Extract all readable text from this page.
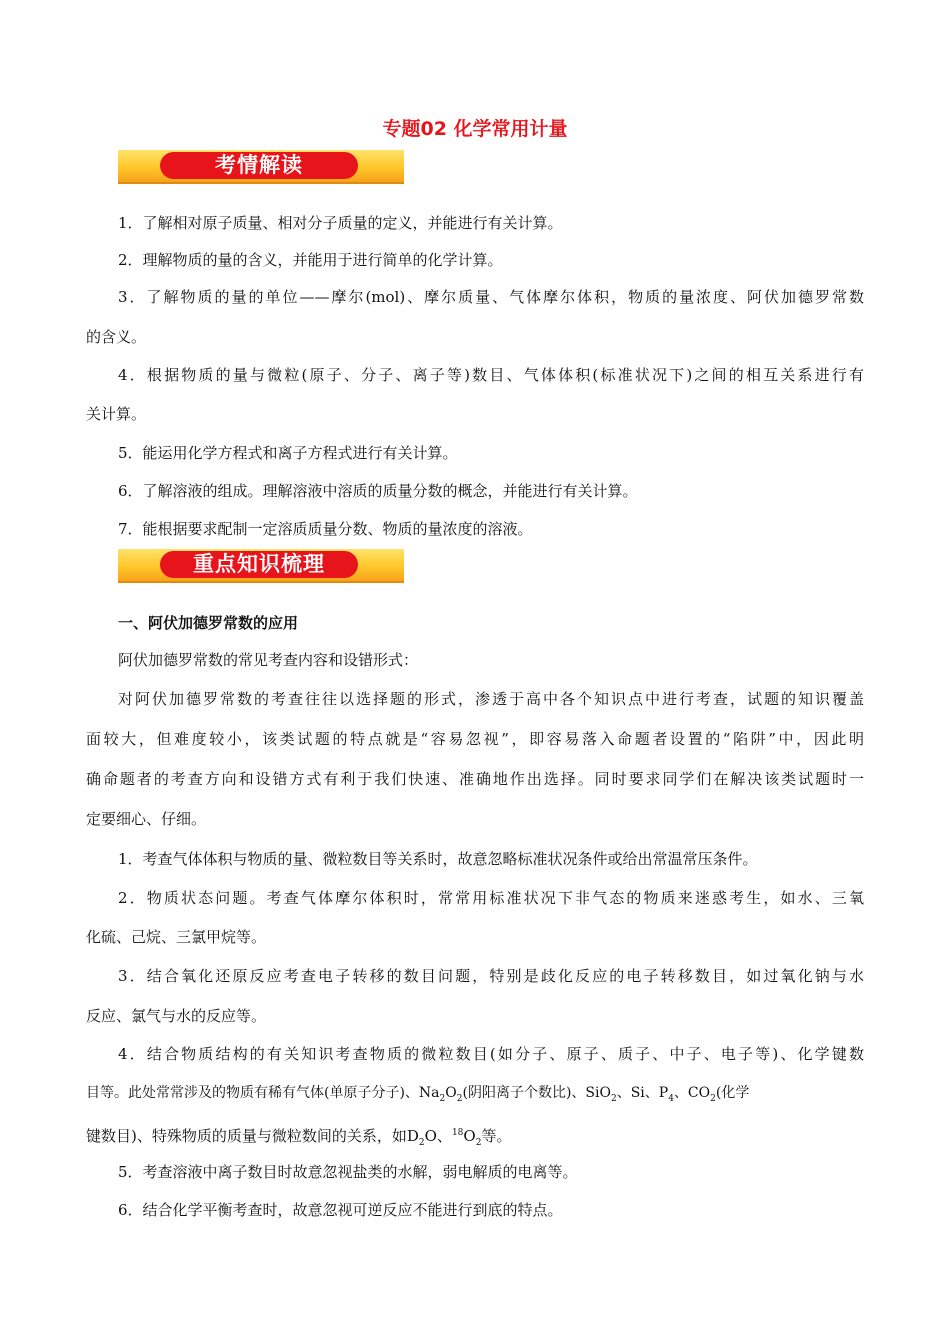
专题02 化学常用计量
考情解读
1．了解相对原子质量、相对分子质量的定义，并能进行有关计算。
2．理解物质的量的含义，并能用于进行简单的化学计算。
3．了解物质的量的单位——摩尔(mol)、摩尔质量、气体摩尔体积，物质的量浓度、阿伏加德罗常数
的含义。
4．根据物质的量与微粒(原子、分子、离子等)数目、气体体积(标准状况下)之间的相互关系进行有
关计算。
5．能运用化学方程式和离子方程式进行有关计算。
6．了解溶液的组成。理解溶液中溶质的质量分数的概念，并能进行有关计算。
7．能根据要求配制一定溶质质量分数、物质的量浓度的溶液。
重点知识梳理
一、阿伏加德罗常数的应用
阿伏加德罗常数的常见考查内容和设错形式：
对阿伏加德罗常数的考查往往以选择题的形式，渗透于高中各个知识点中进行考查，试题的知识覆盖
面较大，但难度较小，该类试题的特点就是“容易忽视”，即容易落入命题者设置的“陷阱”中，因此明
确命题者的考查方向和设错方式有利于我们快速、准确地作出选择。同时要求同学们在解决该类试题时一
定要细心、仔细。
1．考查气体体积与物质的量、微粒数目等关系时，故意忽略标准状况条件或给出常温常压条件。
2．物质状态问题。考查气体摩尔体积时，常常用标准状况下非气态的物质来迷惑考生，如水、三氧
化硫、己烷、三氯甲烷等。
3．结合氧化还原反应考查电子转移的数目问题，特别是歧化反应的电子转移数目，如过氧化钠与水
反应、氯气与水的反应等。
4．结合物质结构的有关知识考查物质的微粒数目(如分子、原子、质子、中子、电子等)、化学键数
目等。此处常常涉及的物质有稀有气体(单原子分子)、$Na_2O_2$(阴阳离子个数比)、SiO$_2$、Si、$P_4$、$CO_2$(化学
键数目)、特殊物质的质量与微粒数间的关系，如$D_2O$、$^{18}O_2$等。
5．考查溶液中离子数目时故意忽视盐类的水解，弱电解质的电离等。
6．结合化学平衡考查时，故意忽视可逆反应不能进行到底的特点。
